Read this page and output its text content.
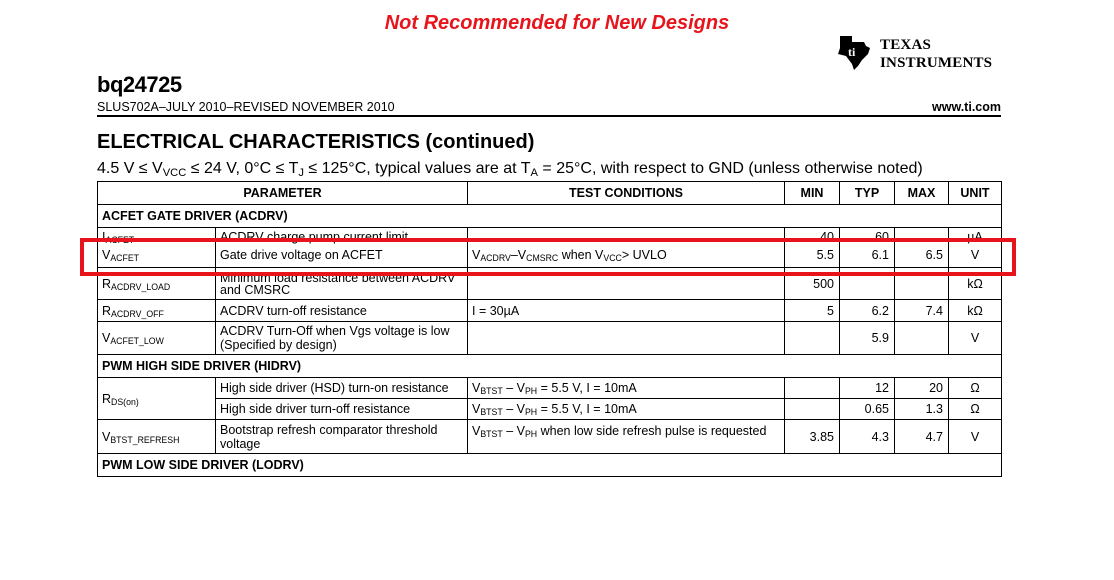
Not Recommended for New Designs
ti TEXAS
INSTRUMENTS
bq24725
SLUS702A–JULY 2010–REVISED NOVEMBER 2010	www.ti.com
ELECTRICAL CHARACTERISTICS (continued)
4.5 $V \le V_{VCC} \le 24$ V, $0^\circ C \le T_J \le 125^\circ C$, typical values are at $T_A = 25^\circ C$, with respect to GND (unless otherwise noted)
PARAMETER		TEST CONDITIONS	MIN	TYP	MAX	UNIT
ACFET GATE DRIVER (ACDRV)						

$I_{ACFET}$	ACDRV charge pump current limit		40	60		µA

$V_{ACFET}$	Gate drive voltage on ACFET	$V_{ACDRV}-V_{CMSRC}$ when $V_{VCC}>$ UVLO	5.5	6.1	6.5	V
$R_{ACDRV\_LOAD}$	Minimum load resistance between ACDRV and CMSRC		500			kΩ
$R_{ACDRV\_OFF}$	ACDRV turn-off resistance	I = 30µA	5	6.2	7.4	kΩ
$V_{ACFET\_LOW}$	ACDRV Turn-Off when Vgs voltage is low (Specified by design)			5.9		V
PWM HIGH SIDE DRIVER (HIDRV)						
$R_{DS(on)}$	High side driver (HSD) turn-on resistance	$V_{BTST} - V_{PH} = 5.5$ V, I = 10mA		12	20	Ω
	High side driver turn-off resistance	$V_{BTST} - V_{PH} = 5.5$ V, I = 10mA		0.65	1.3	Ω
$V_{BTST\_REFRESH}$	Bootstrap refresh comparator threshold voltage	$V_{BTST} - V_{PH}$ when low side refresh pulse is requested	3.85	4.3	4.7	V
PWM LOW SIDE DRIVER (LODRV)						
